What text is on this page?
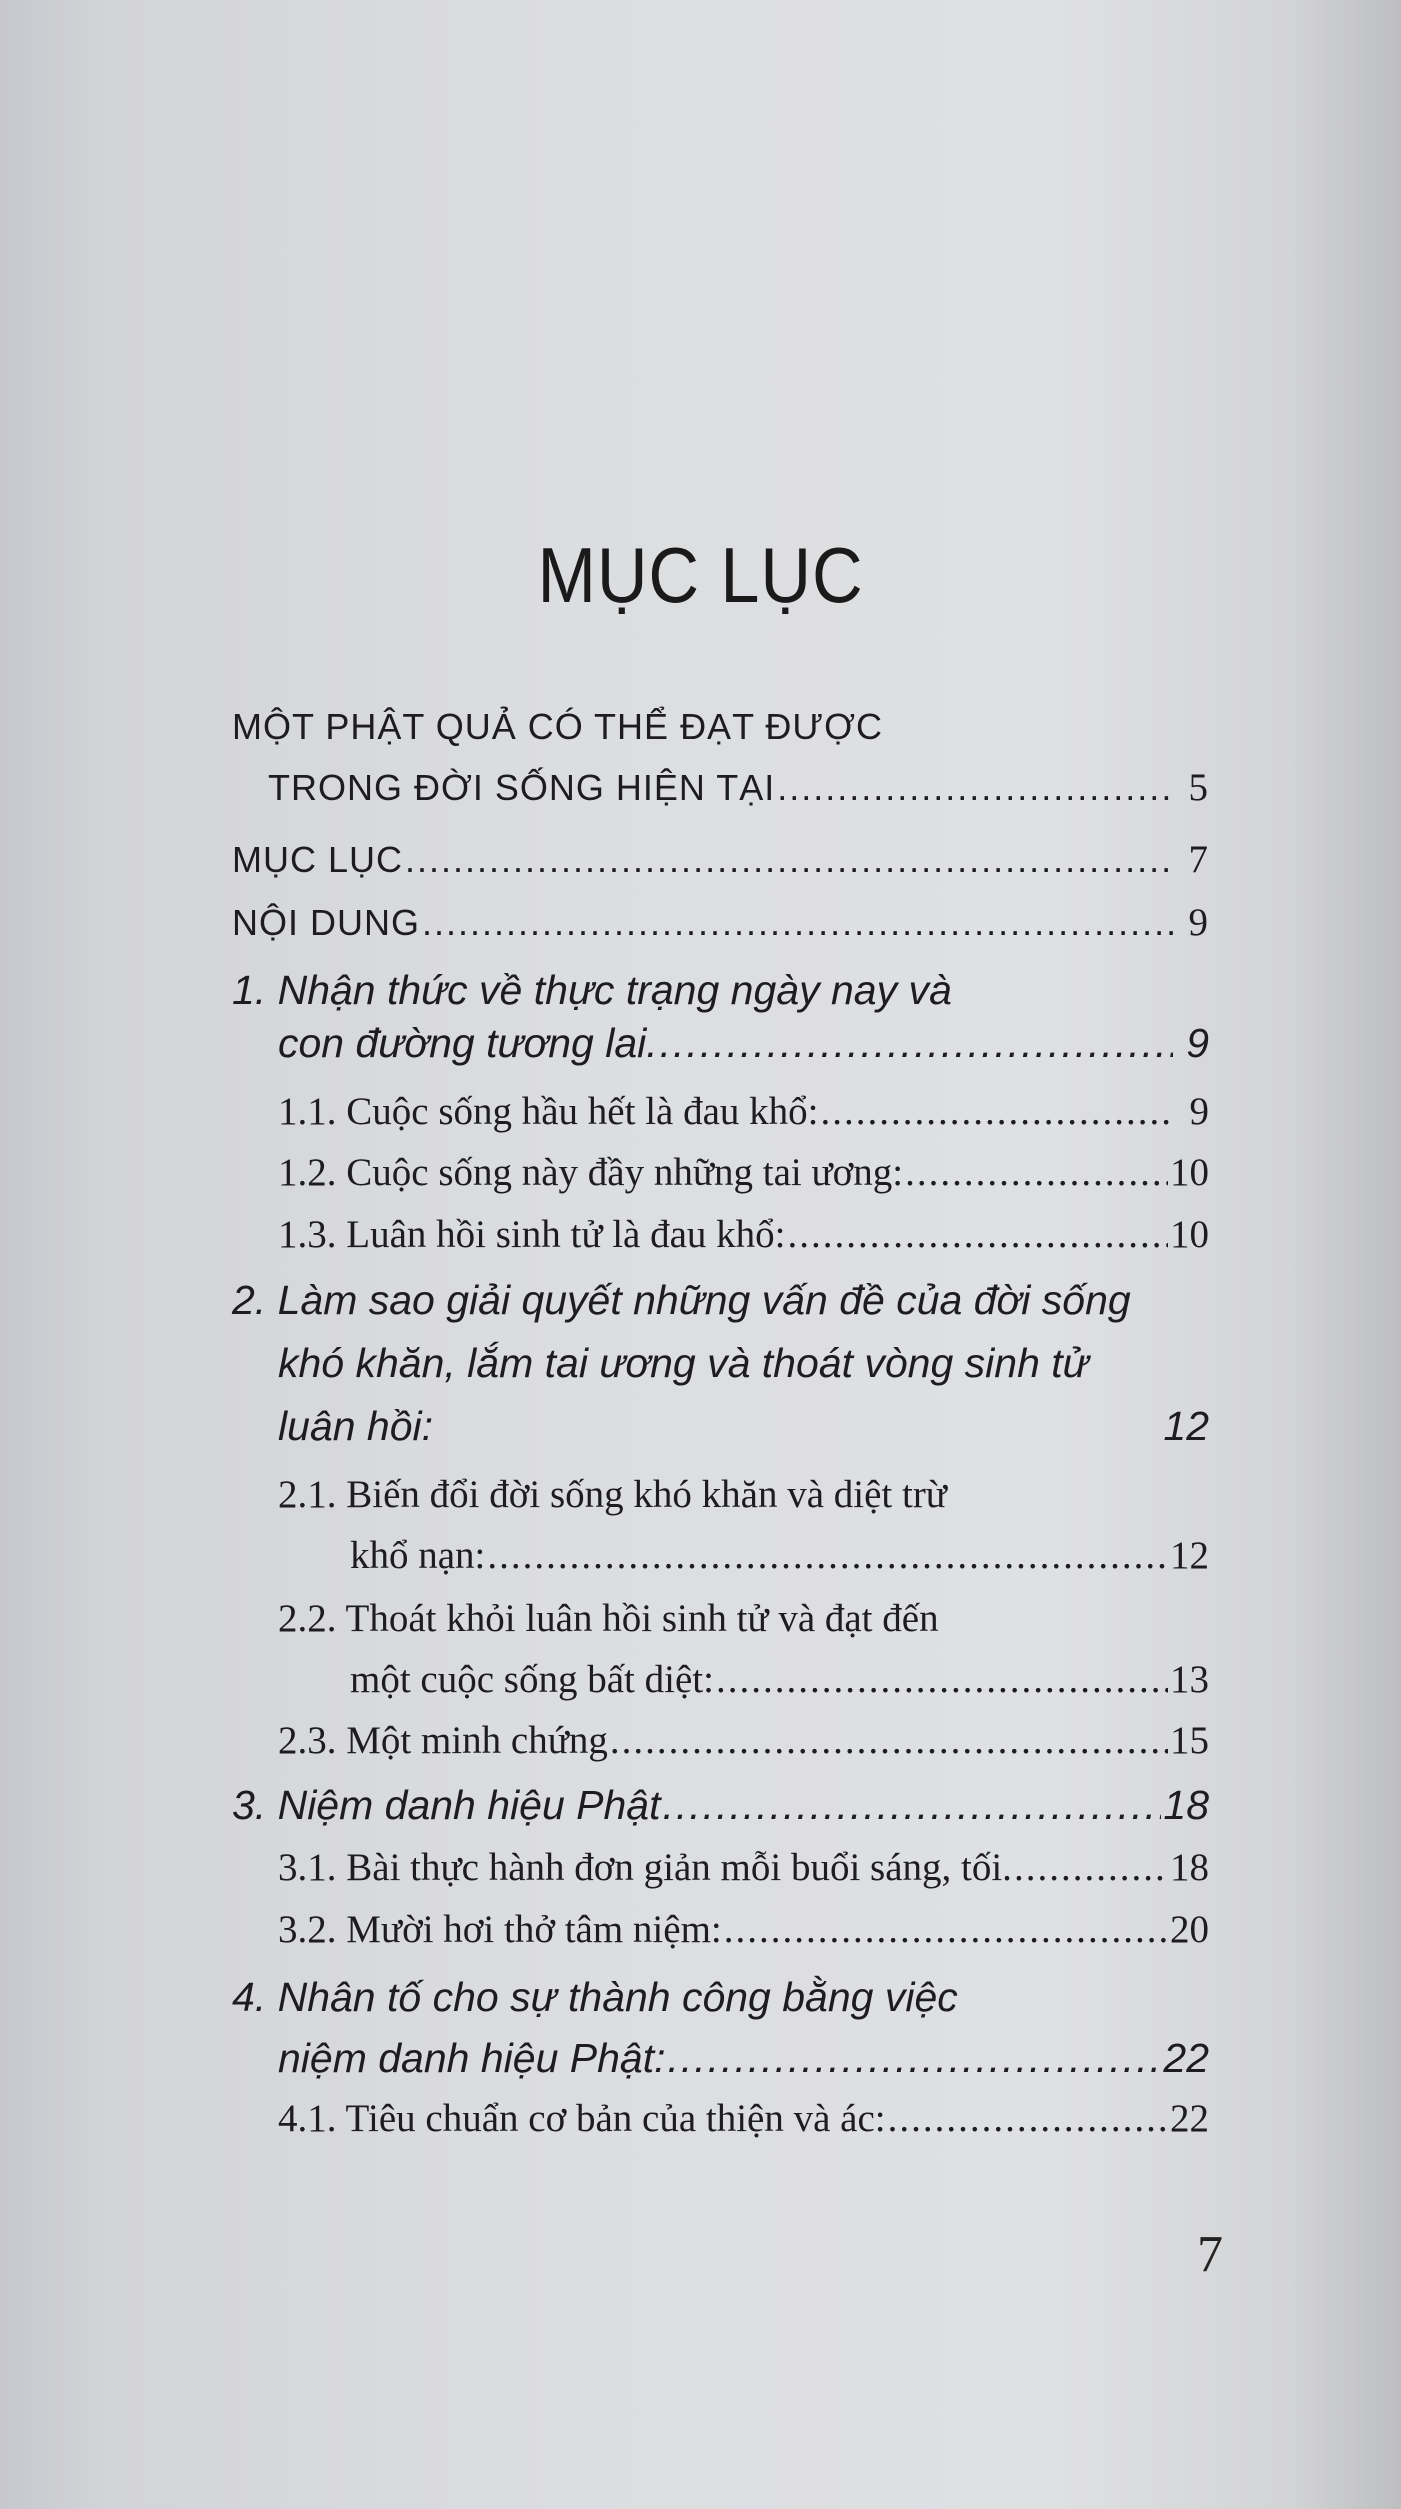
MỤC LỤC
MỘT PHẬT QUẢ CÓ THỂ ĐẠT ĐƯỢC
TRONG ĐỜI SỐNG HIỆN TẠI .....	5
MỤC LỤC .....	7
NỘI DUNG .....	9
1. Nhận thức về thực trạng ngày nay và
con đường tương lai. .....	9
1.1. Cuộc sống hầu hết là đau khổ: .....	9
1.2. Cuộc sống này đầy những tai ương: .....	10
1.3. Luân hồi sinh tử là đau khổ: .....	10
2. Làm sao giải quyết những vấn đề của đời sống
khó khăn, lắm tai ương và thoát vòng sinh tử
luân hồi:	12
2.1. Biến đổi đời sống khó khăn và diệt trừ
khổ nạn: .....	12
2.2. Thoát khỏi luân hồi sinh tử và đạt đến
một cuộc sống bất diệt: .....	13
2.3. Một minh chứng .....	15
3. Niệm danh hiệu Phật .....	18
3.1. Bài thực hành đơn giản mỗi buổi sáng, tối. .....	18
3.2. Mười hơi thở tâm niệm: .....	20
4. Nhân tố cho sự thành công bằng việc
niệm danh hiệu Phật: .....	22
4.1. Tiêu chuẩn cơ bản của thiện và ác: .....	22
7
